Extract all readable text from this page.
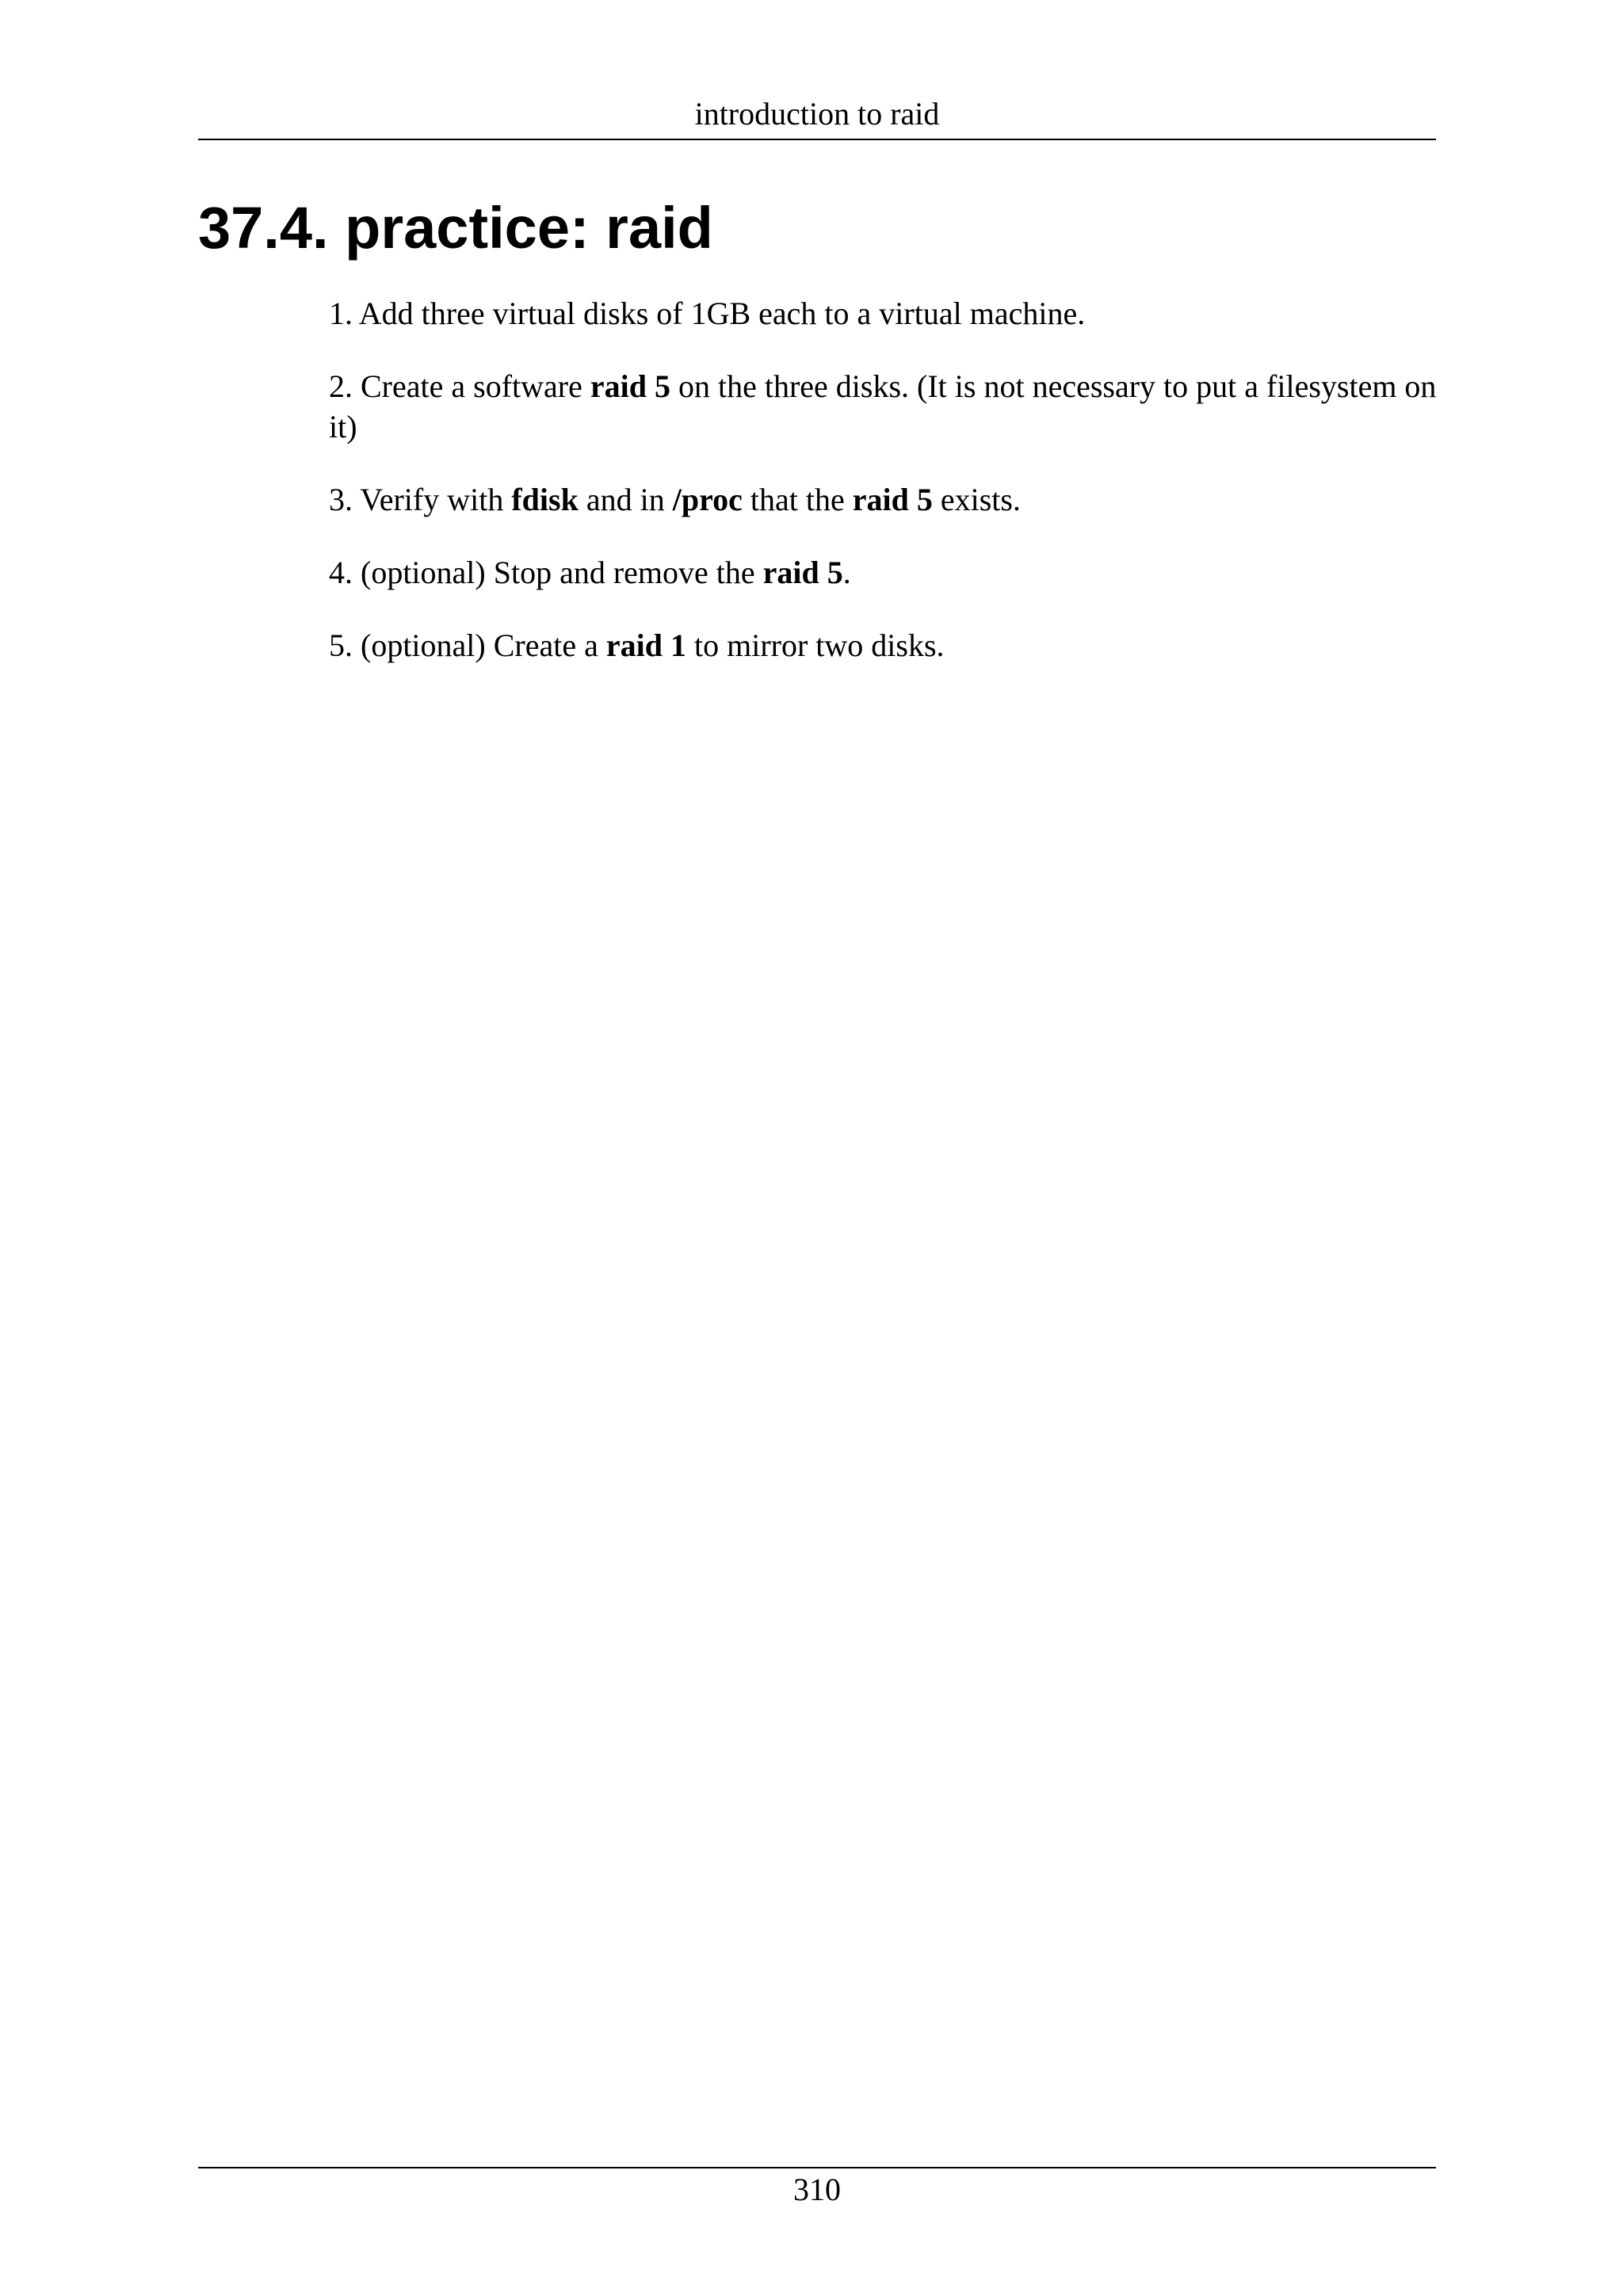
introduction to raid
37.4. practice: raid
1. Add three virtual disks of 1GB each to a virtual machine.
2. Create a software raid 5 on the three disks. (It is not necessary to put a filesystem on it)
3. Verify with fdisk and in /proc that the raid 5 exists.
4. (optional) Stop and remove the raid 5.
5. (optional) Create a raid 1 to mirror two disks.
310
